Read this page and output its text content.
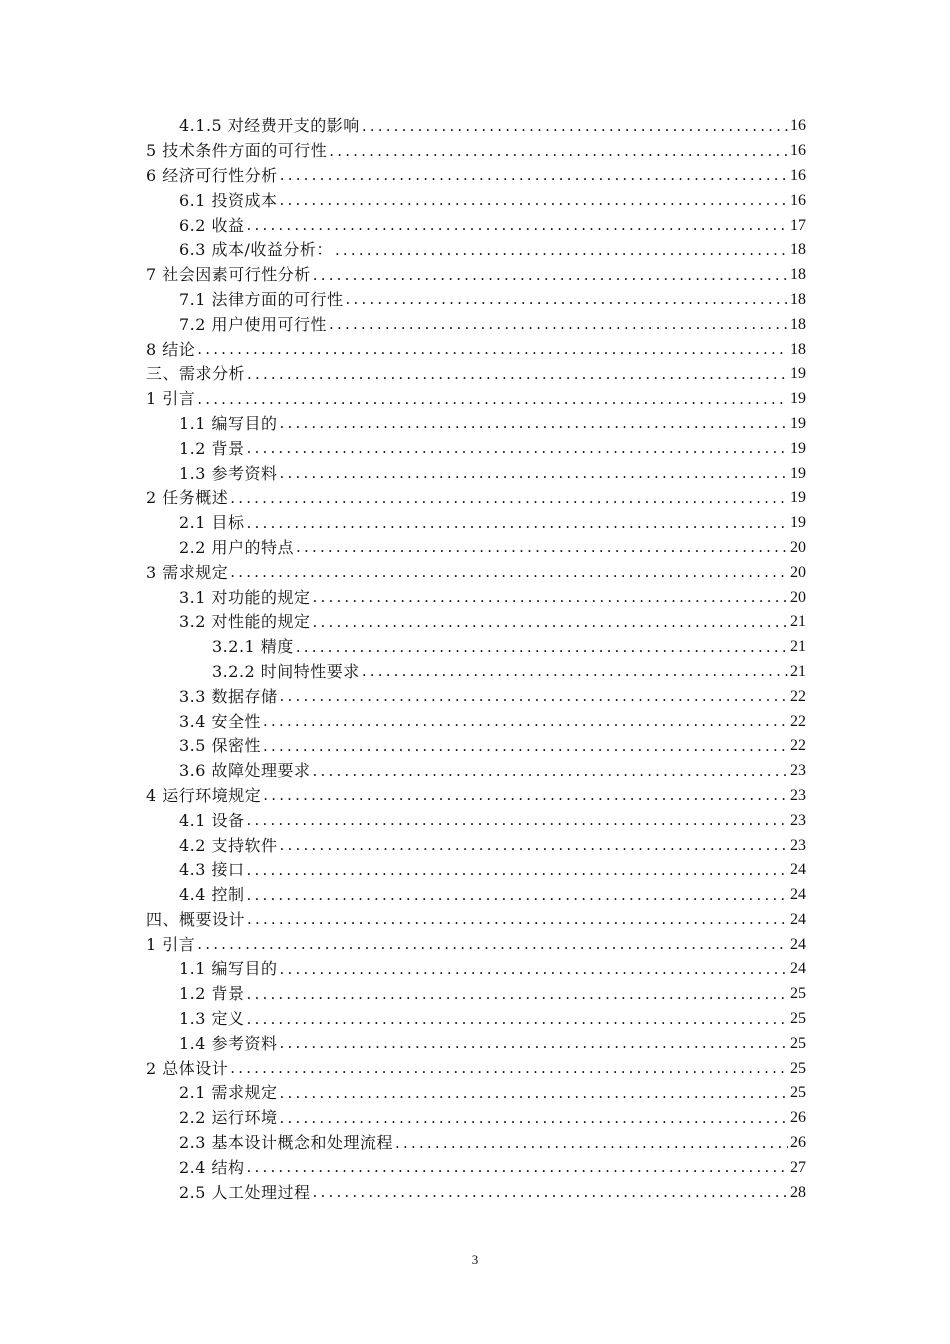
4.1.5 对经费开支的影响 .....	16
5 技术条件方面的可行性 .....	16
6 经济可行性分析 .....	16
6.1 投资成本 .....	16
6.2 收益 .....	17
6.3 成本/收益分析： .....	18
7 社会因素可行性分析 .....	18
7.1 法律方面的可行性 .....	18
7.2 用户使用可行性 .....	18
8 结论 .....	18
三、需求分析 .....	19
1 引言 .....	19
1.1 编写目的 .....	19
1.2 背景 .....	19
1.3 参考资料 .....	19
2 任务概述 .....	19
2.1 目标 .....	19
2.2 用户的特点 .....	20
3 需求规定 .....	20
3.1 对功能的规定 .....	20
3.2 对性能的规定 .....	21
3.2.1 精度 .....	21
3.2.2 时间特性要求 .....	21
3.3 数据存储 .....	22
3.4 安全性 .....	22
3.5 保密性 .....	22
3.6 故障处理要求 .....	23
4 运行环境规定 .....	23
4.1 设备 .....	23
4.2 支持软件 .....	23
4.3 接口 .....	24
4.4 控制 .....	24
四、概要设计 .....	24
1 引言 .....	24
1.1 编写目的 .....	24
1.2 背景 .....	25
1.3 定义 .....	25
1.4 参考资料 .....	25
2 总体设计 .....	25
2.1 需求规定 .....	25
2.2 运行环境 .....	26
2.3 基本设计概念和处理流程 .....	26
2.4 结构 .....	27
2.5 人工处理过程 .....	28
3
